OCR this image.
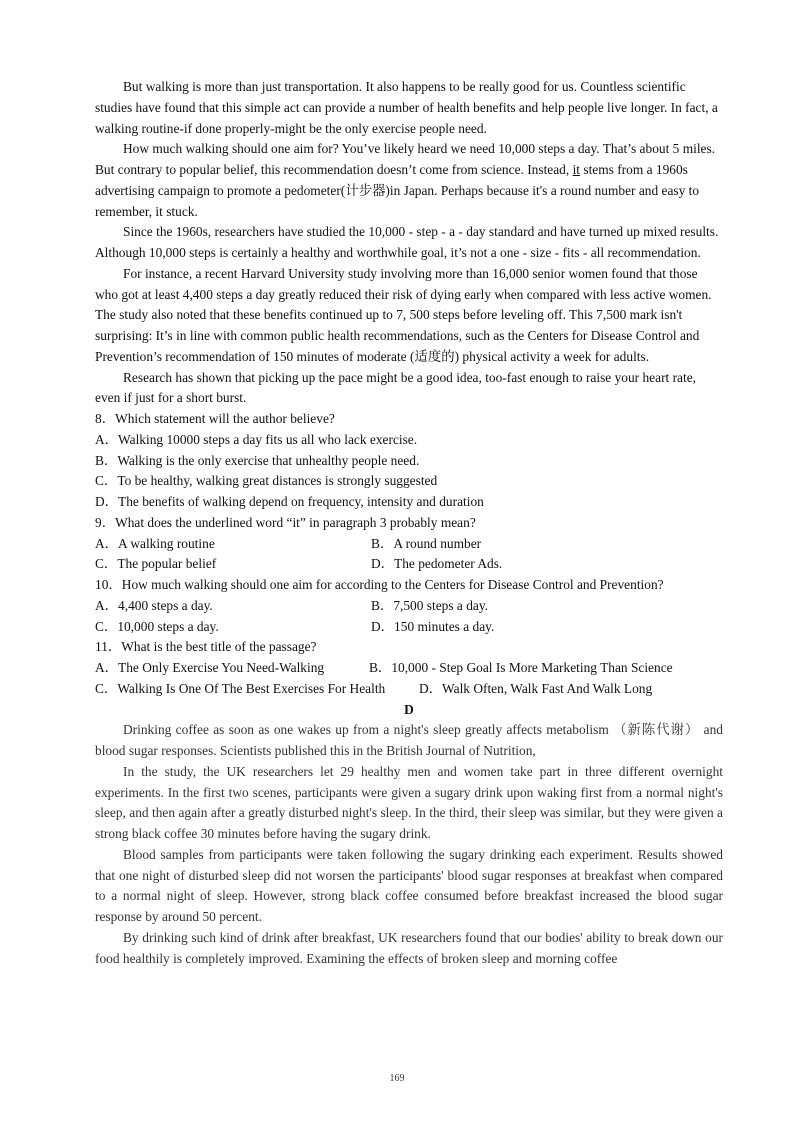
But walking is more than just transportation. It also happens to be really good for us. Countless scientific studies have found that this simple act can provide a number of health benefits and help people live longer. In fact, a walking routine-if done properly-might be the only exercise people need.

How much walking should one aim for? You’ve likely heard we need 10,000 steps a day. That’s about 5 miles. But contrary to popular belief, this recommendation doesn’t come from science. Instead, it stems from a 1960s advertising campaign to promote a pedometer(计步器)in Japan. Perhaps because it's a round number and easy to remember, it stuck.

Since the 1960s, researchers have studied the 10,000 - step - a - day standard and have turned up mixed results. Although 10,000 steps is certainly a healthy and worthwhile goal, it’s not a one - size - fits - all recommendation.

For instance, a recent Harvard University study involving more than 16,000 senior women found that those who got at least 4,400 steps a day greatly reduced their risk of dying early when compared with less active women. The study also noted that these benefits continued up to 7, 500 steps before leveling off. This 7,500 mark isn't surprising: It’s in line with common public health recommendations, such as the Centers for Disease Control and Prevention’s recommendation of 150 minutes of moderate (适度的) physical activity a week for adults.

Research has shown that picking up the pace might be a good idea, too-fast enough to raise your heart rate, even if just for a short burst.

8．Which statement will the author believe?

A．Walking 10000 steps a day fits us all who lack exercise.

B．Walking is the only exercise that unhealthy people need.

C．To be healthy, walking great distances is strongly suggested

D．The benefits of walking depend on frequency, intensity and duration

9．What does the underlined word “it” in paragraph 3 probably mean?

A．A walking routine	B．A round number
C．The popular belief	D．The pedometer Ads.

10．How much walking should one aim for according to the Centers for Disease Control and Prevention?

A．4,400 steps a day.	B．7,500 steps a day.
C．10,000 steps a day.	D．150 minutes a day.

11．What is the best title of the passage?

A．The Only Exercise You Need-Walking	B．10,000 - Step Goal Is More Marketing Than Science
C．Walking Is One Of The Best Exercises For Health	D．Walk Often, Walk Fast And Walk Long

D

Drinking coffee as soon as one wakes up from a night's sleep greatly affects metabolism （新陈代谢） and blood sugar responses. Scientists published this in the British Journal of Nutrition,

In the study, the UK researchers let 29 healthy men and women take part in three different overnight experiments. In the first two scenes, participants were given a sugary drink upon waking first from a normal night's sleep, and then again after a greatly disturbed night's sleep. In the third, their sleep was similar, but they were given a strong black coffee 30 minutes before having the sugary drink.

Blood samples from participants were taken following the sugary drinking each experiment. Results showed that one night of disturbed sleep did not worsen the participants' blood sugar responses at breakfast when compared to a normal night of sleep. However, strong black coffee consumed before breakfast increased the blood sugar response by around 50 percent.

By drinking such kind of drink after breakfast, UK researchers found that our bodies' ability to break down our food healthily is completely improved. Examining the effects of broken sleep and morning coffee

169
